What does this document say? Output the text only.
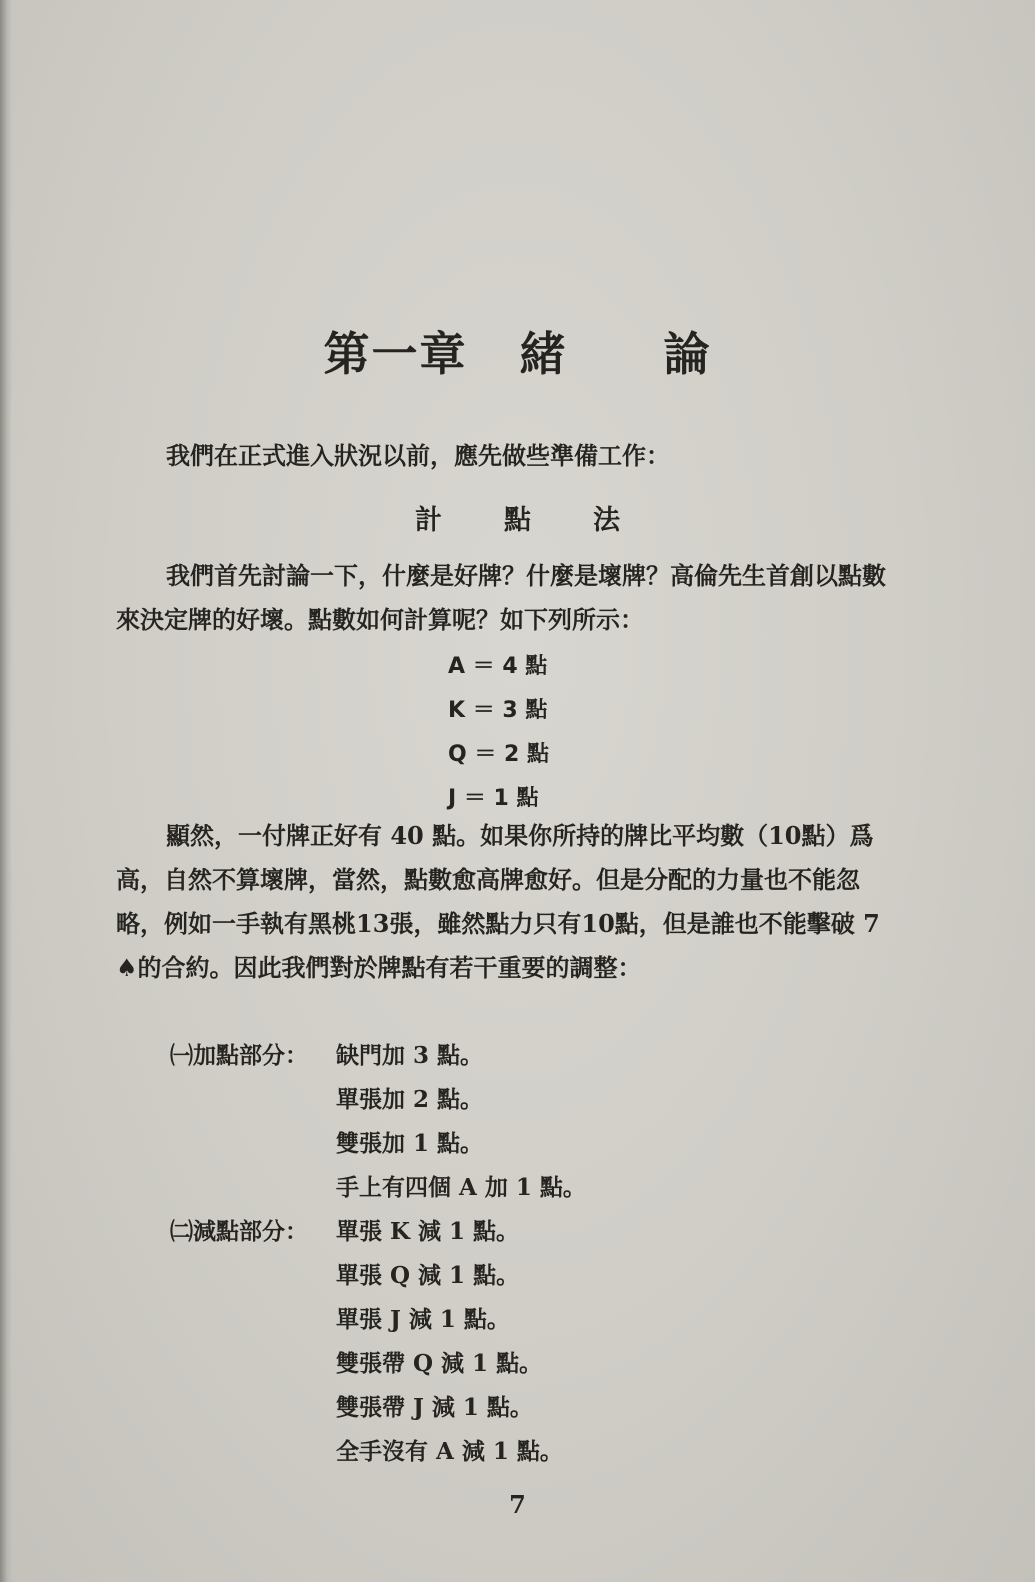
第一章 緒 論

我們在正式進入狀況以前，應先做些準備工作：

計 點 法

我們首先討論一下，什麼是好牌？什麼是壞牌？高倫先生首創以點數來決定牌的好壞。點數如何計算呢？如下列所示：

A ＝ 4 點
K ＝ 3 點
Q ＝ 2 點
J ＝ 1 點

顯然，一付牌正好有 40 點。如果你所持的牌比平均數（10點）爲高，自然不算壞牌，當然，點數愈高牌愈好。但是分配的力量也不能忽略，例如一手執有黑桃13張，雖然點力只有10點，但是誰也不能擊破 7 ♠的合約。因此我們對於牌點有若干重要的調整：

㈠加點部分： 缺門加 3 點。
單張加 2 點。
雙張加 1 點。
手上有四個 A 加 1 點。
㈡減點部分： 單張 K 減 1 點。
單張 Q 減 1 點。
單張 J 減 1 點。
雙張帶 Q 減 1 點。
雙張帶 J 減 1 點。
全手沒有 A 減 1 點。

7
